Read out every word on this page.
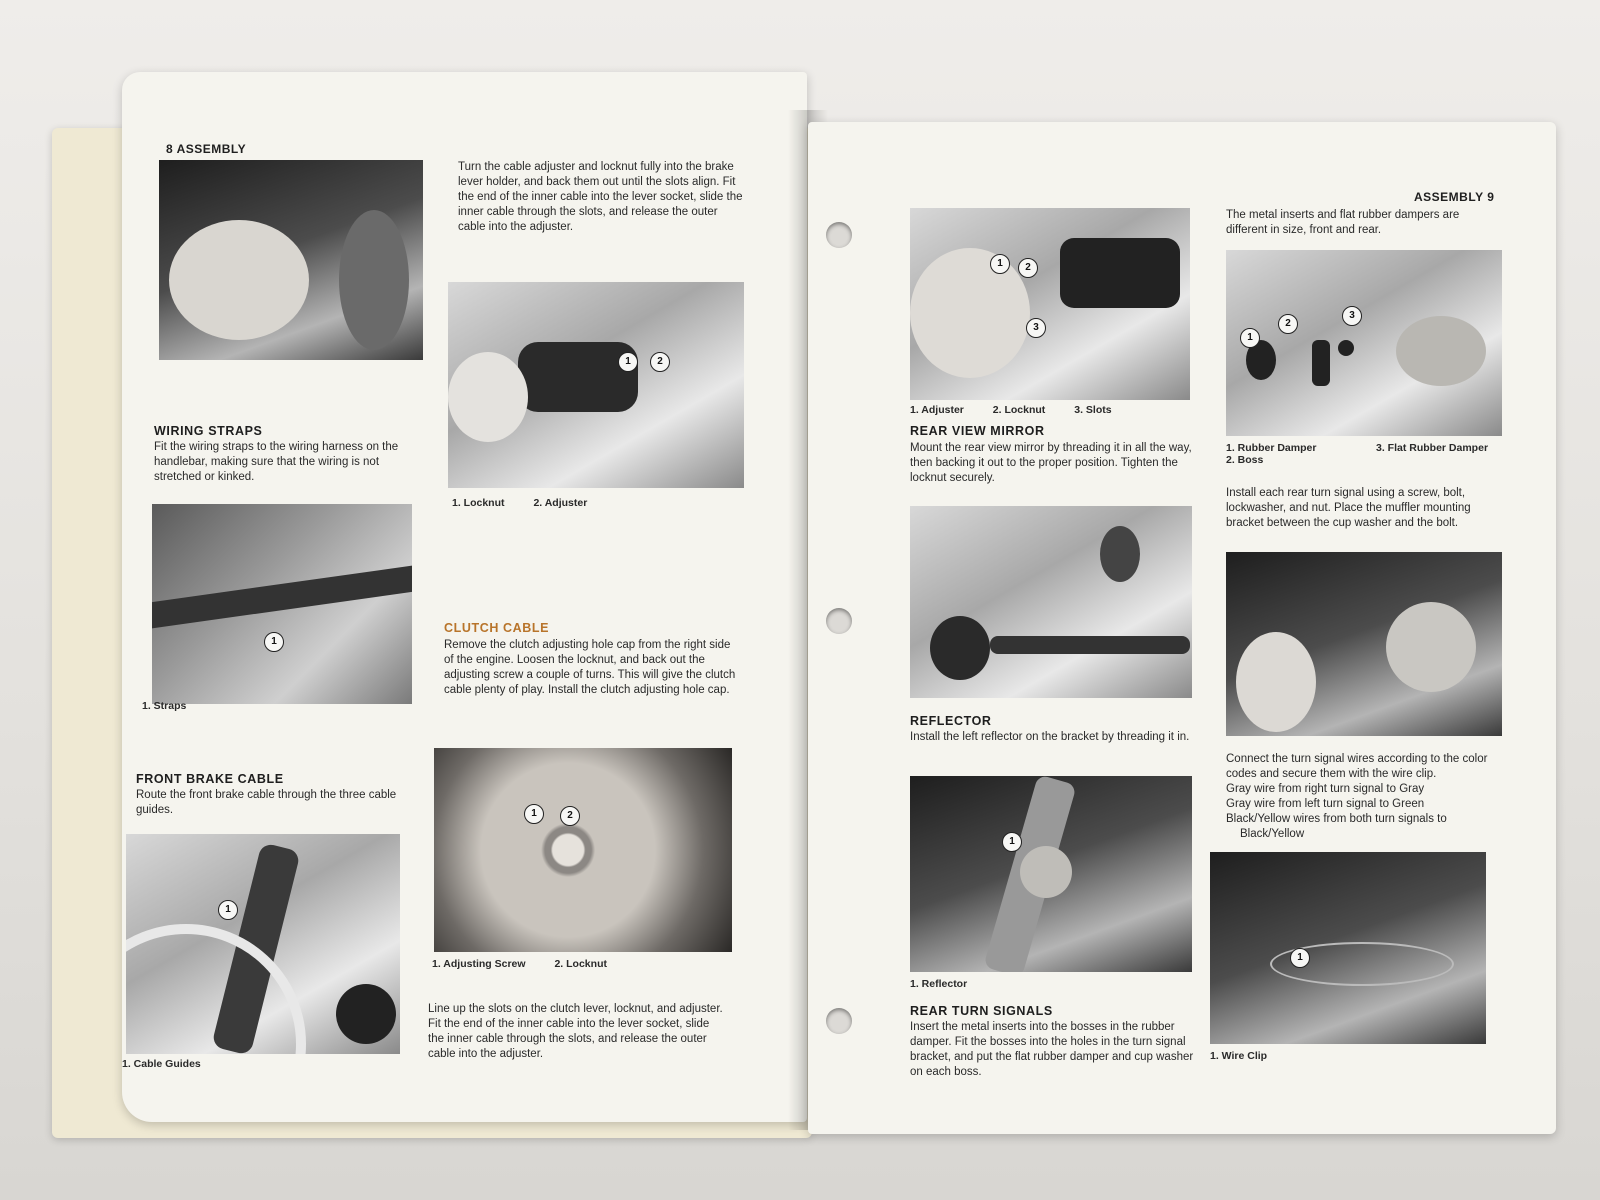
8 ASSEMBLY
Turn the cable adjuster and locknut fully into the brake lever holder, and back them out until the slots align. Fit the end of the inner cable into the lever socket, slide the inner cable through the slots, and release the outer cable into the adjuster.
1	2
1. Locknut	2. Adjuster
WIRING STRAPS
Fit the wiring straps to the wiring harness on the handlebar, making sure that the wiring is not stretched or kinked.
1
1. Straps
CLUTCH CABLE
Remove the clutch adjusting hole cap from the right side of the engine. Loosen the locknut, and back out the adjusting screw a couple of turns. This will give the clutch cable plenty of play. Install the clutch adjusting hole cap.
FRONT BRAKE CABLE
Route the front brake cable through the three cable guides.	1	2
1. Adjusting Screw	2. Locknut
1
1. Cable Guides
Line up the slots on the clutch lever, locknut, and adjuster. Fit the end of the inner cable into the lever socket, slide the inner cable through the slots, and release the outer cable into the adjuster.
ASSEMBLY 9
1	2
3
1. Adjuster	2. Locknut	3. Slots
REAR VIEW MIRROR
Mount the rear view mirror by threading it in all the way, then backing it out to the proper position. Tighten the locknut securely.
REFLECTOR
Install the left reflector on the bracket by threading it in.
1
1. Reflector
REAR TURN SIGNALS
Insert the metal inserts into the bosses in the rubber damper. Fit the bosses into the holes in the turn signal bracket, and put the flat rubber damper and cup washer on each boss.
The metal inserts and flat rubber dampers are different in size, front and rear.
1
2
3
1. Rubber Damper
2. Boss
3. Flat Rubber Damper
Install each rear turn signal using a screw, bolt, lockwasher, and nut. Place the muffler mounting bracket between the cup washer and the bolt.
Connect the turn signal wires according to the color codes and secure them with the wire clip.
Gray wire from right turn signal to Gray
Gray wire from left turn signal to Green
Black/Yellow wires from both turn signals to
Black/Yellow
1
1. Wire Clip
